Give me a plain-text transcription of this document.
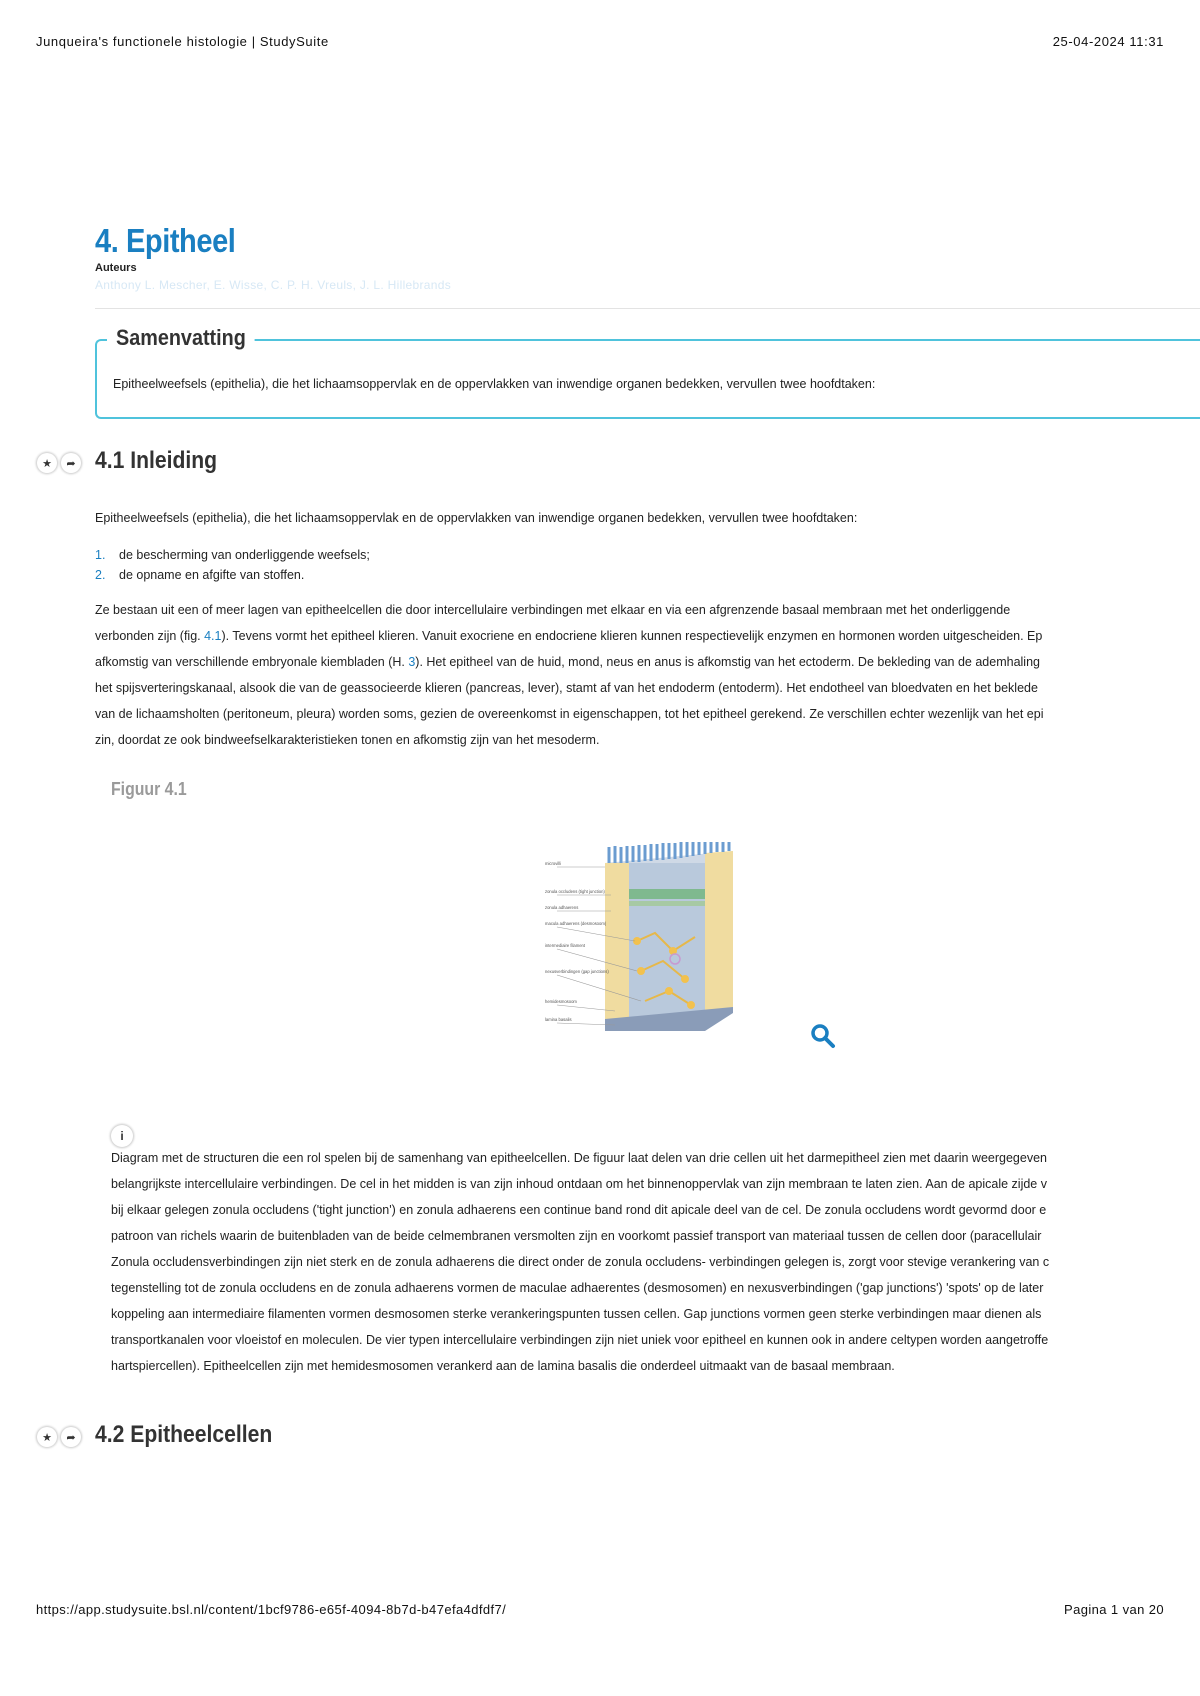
Junqueira's functionele histologie | StudySuite	25-04-2024 11:31
4. Epitheel
Auteurs
Anthony L. Mescher, E. Wisse, C. P. H. Vreuls, J. L. Hillebrands
Samenvatting
Epitheelweefsels (epithelia), die het lichaamsoppervlak en de oppervlakken van inwendige organen bedekken, vervullen twee hoofdtaken:
★	➦ 4.1 Inleiding

Epitheelweefsels (epithelia), die het lichaamsoppervlak en de oppervlakken van inwendige organen bedekken, vervullen twee hoofdtaken:

1.	de bescherming van onderliggende weefsels;
2.	de opname en afgifte van stoffen.

Ze bestaan uit een of meer lagen van epitheelcellen die door intercellulaire verbindingen met elkaar en via een afgrenzende basaal membraan met het onderliggende

verbonden zijn (fig. 4.1). Tevens vormt het epitheel klieren. Vanuit exocriene en endocriene klieren kunnen respectievelijk enzymen en hormonen worden uitgescheiden. Ep

afkomstig van verschillende embryonale kiembladen (H. 3). Het epitheel van de huid, mond, neus en anus is afkomstig van het ectoderm. De bekleding van de ademhaling

het spijsverteringskanaal, alsook die van de geassocieerde klieren (pancreas, lever), stamt af van het endoderm (entoderm). Het endotheel van bloedvaten en het beklede

van de lichaamsholten (peritoneum, pleura) worden soms, gezien de overeenkomst in eigenschappen, tot het epitheel gerekend. Ze verschillen echter wezenlijk van het epi

zin, doordat ze ook bindweefselkarakteristieken tonen en afkomstig zijn van het mesoderm.

Figuur 4.1
microvilli
zonula occludens (tight junction)
zonula adhaerens
macula adhaerens (desmosoom)
intermediaire filament
nexusverbindingen (gap junctions)
hemidesmosoom
lamina basalis
i
Diagram met de structuren die een rol spelen bij de samenhang van epitheelcellen. De figuur laat delen van drie cellen uit het darmepitheel zien met daarin weergegeven
belangrijkste intercellulaire verbindingen. De cel in het midden is van zijn inhoud ontdaan om het binnenoppervlak van zijn membraan te laten zien. Aan de apicale zijde v
bij elkaar gelegen zonula occludens ('tight junction') en zonula adhaerens een continue band rond dit apicale deel van de cel. De zonula occludens wordt gevormd door e
patroon van richels waarin de buitenbladen van de beide celmembranen versmolten zijn en voorkomt passief transport van materiaal tussen de cellen door (paracellulair
Zonula occludensverbindingen zijn niet sterk en de zonula adhaerens die direct onder de zonula occludens- verbindingen gelegen is, zorgt voor stevige verankering van c
tegenstelling tot de zonula occludens en de zonula adhaerens vormen de maculae adhaerentes (desmosomen) en nexusverbindingen ('gap junctions') 'spots' op de later
koppeling aan intermediaire filamenten vormen desmosomen sterke verankeringspunten tussen cellen. Gap junctions vormen geen sterke verbindingen maar dienen als
transportkanalen voor vloeistof en moleculen. De vier typen intercellulaire verbindingen zijn niet uniek voor epitheel en kunnen ook in andere celtypen worden aangetroffe
hartspiercellen). Epitheelcellen zijn met hemidesmosomen verankerd aan de lamina basalis die onderdeel uitmaakt van de basaal membraan.
★	➦ 4.2 Epitheelcellen
https://app.studysuite.bsl.nl/content/1bcf9786-e65f-4094-8b7d-b47efa4dfdf7/	Pagina 1 van 20
